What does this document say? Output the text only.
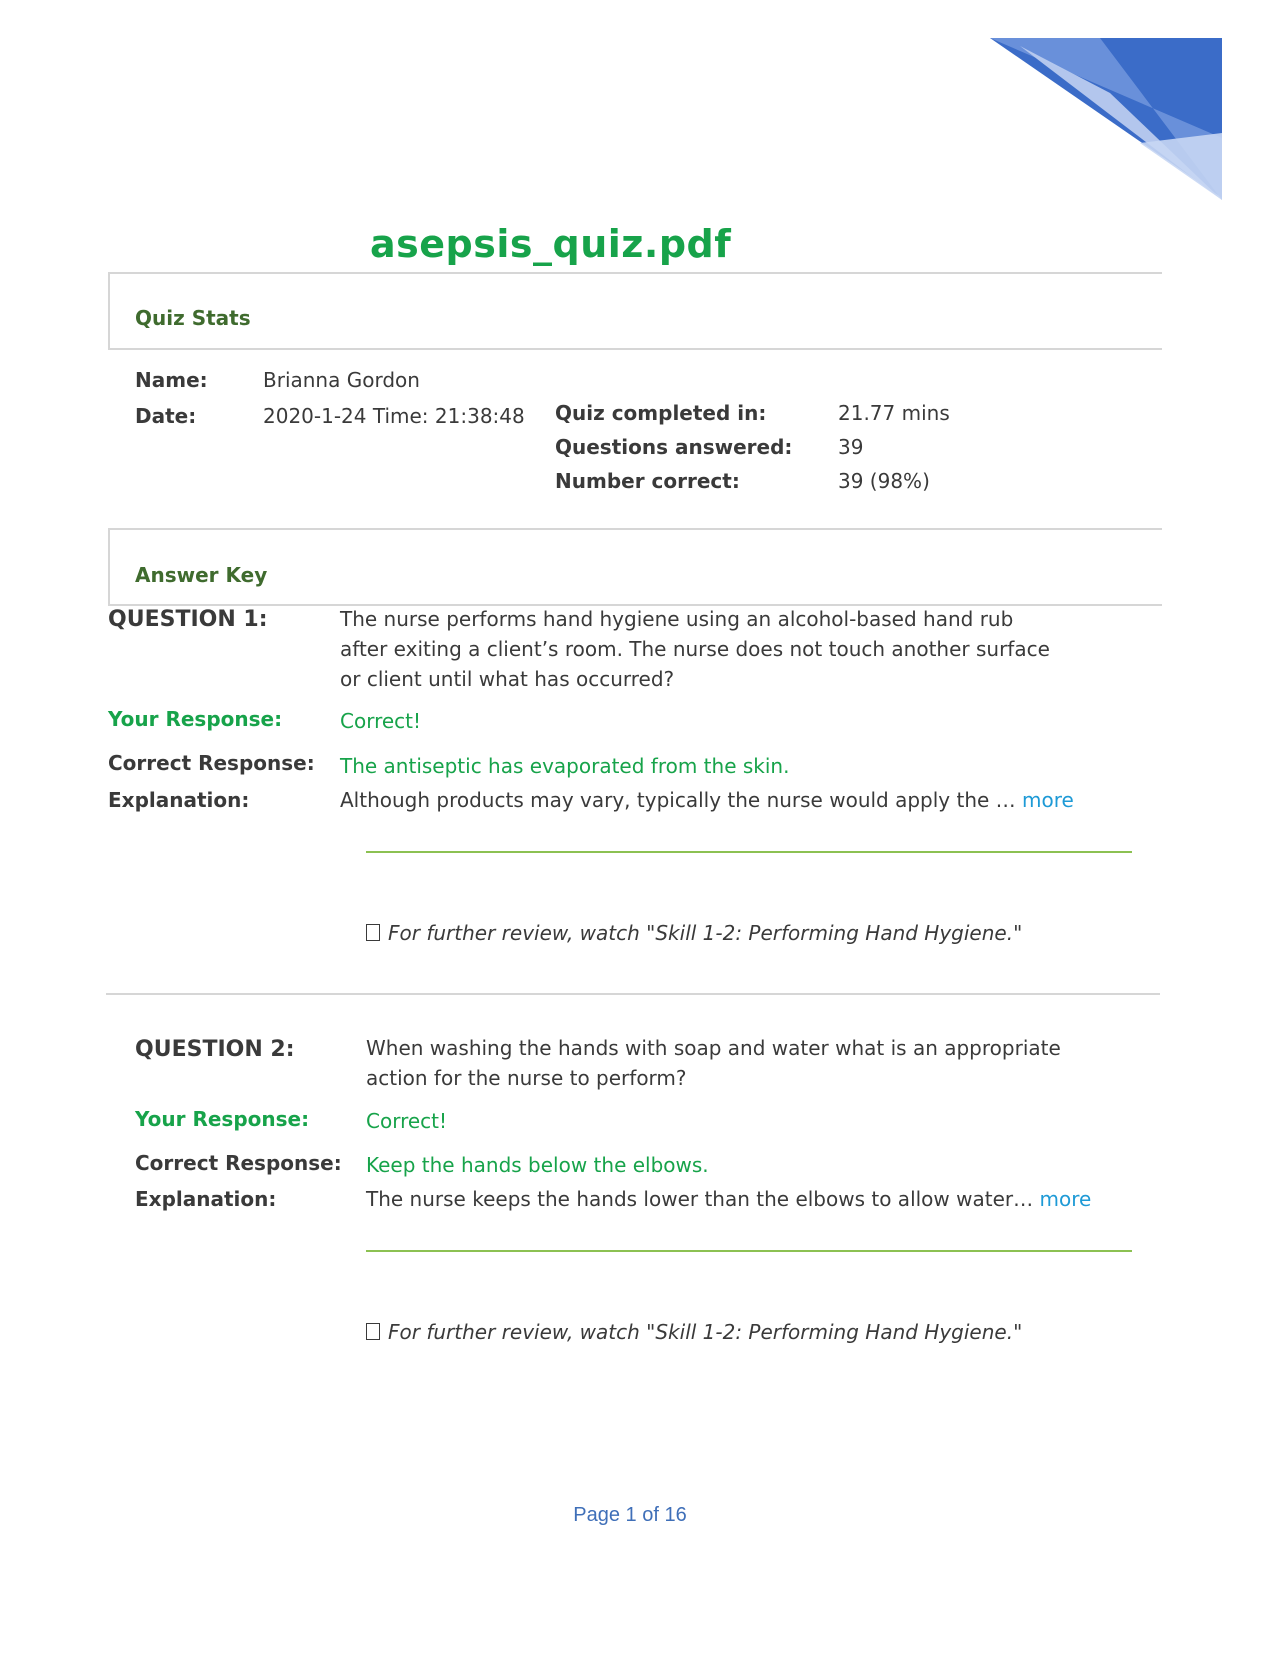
asepsis_quiz.pdf
Quiz Stats
Name:	Brianna Gordon
Date:	2020-1-24 Time: 21:38:48 Quiz completed in:	21.77 mins
Questions answered: 39
Number correct:	39 (98%)
Answer Key
QUESTION 1:	The nurse performs hand hygiene using an alcohol-based hand rub after exiting a client’s room. The nurse does not touch another surface or client until what has occurred?
Your Response:	Correct!
Correct Response: The antiseptic has evaporated from the skin.
Explanation:	Although products may vary, typically the nurse would apply the … more
For further review, watch "Skill 1-2: Performing Hand Hygiene."
QUESTION 2:	When washing the hands with soap and water what is an appropriate action for the nurse to perform?
Your Response:	Correct!
Correct Response: Keep the hands below the elbows.
Explanation:	The nurse keeps the hands lower than the elbows to allow water… more
For further review, watch "Skill 1-2: Performing Hand Hygiene."
Page 1 of 16
